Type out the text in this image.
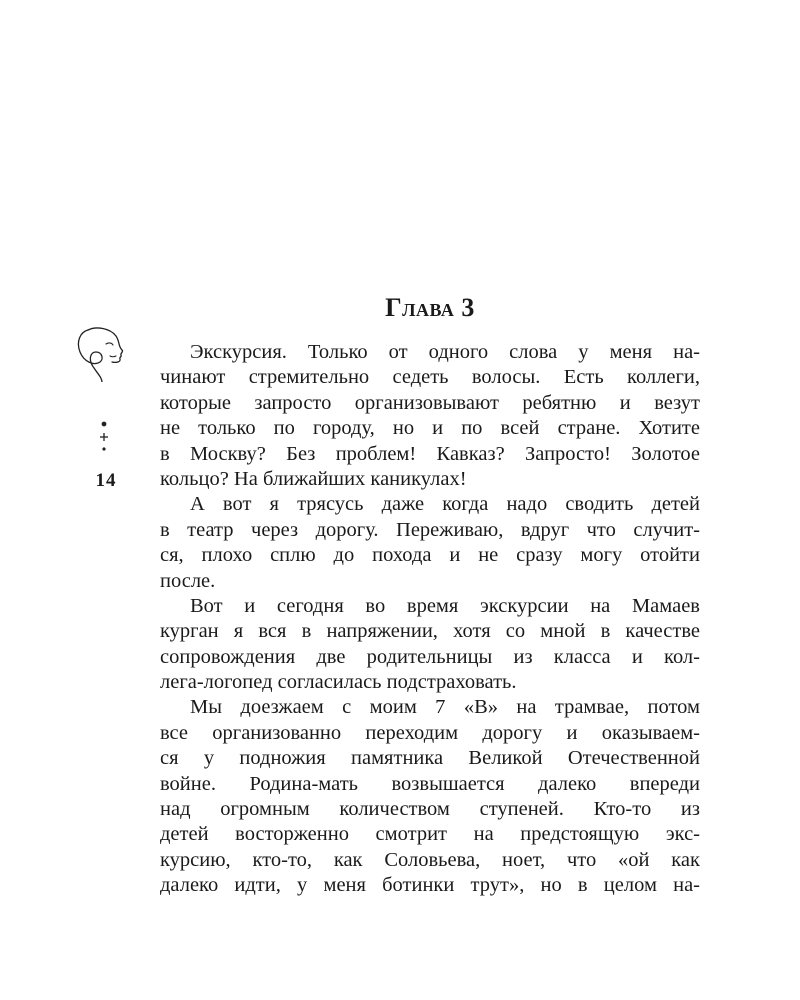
14
Глава 3
Экскурсия. Только от одного слова у меня на-
чинают стремительно седеть волосы. Есть коллеги,
которые запросто организовывают ребятню и везут
не только по городу, но и по всей стране. Хотите
в Москву? Без проблем! Кавказ? Запросто! Золотое
кольцо? На ближайших каникулах!
А вот я трясусь даже когда надо сводить детей
в театр через дорогу. Переживаю, вдруг что случит-
ся, плохо сплю до похода и не сразу могу отойти
после.
Вот и сегодня во время экскурсии на Мамаев
курган я вся в напряжении, хотя со мной в качестве
сопровождения две родительницы из класса и кол-
лега-логопед согласилась подстраховать.
Мы доезжаем с моим 7 «В» на трамвае, потом
все организованно переходим дорогу и оказываем-
ся у подножия памятника Великой Отечественной
войне. Родина-мать возвышается далеко впереди
над огромным количеством ступеней. Кто-то из
детей восторженно смотрит на предстоящую экс-
курсию, кто-то, как Соловьева, ноет, что «ой как
далеко идти, у меня ботинки трут», но в целом на-
